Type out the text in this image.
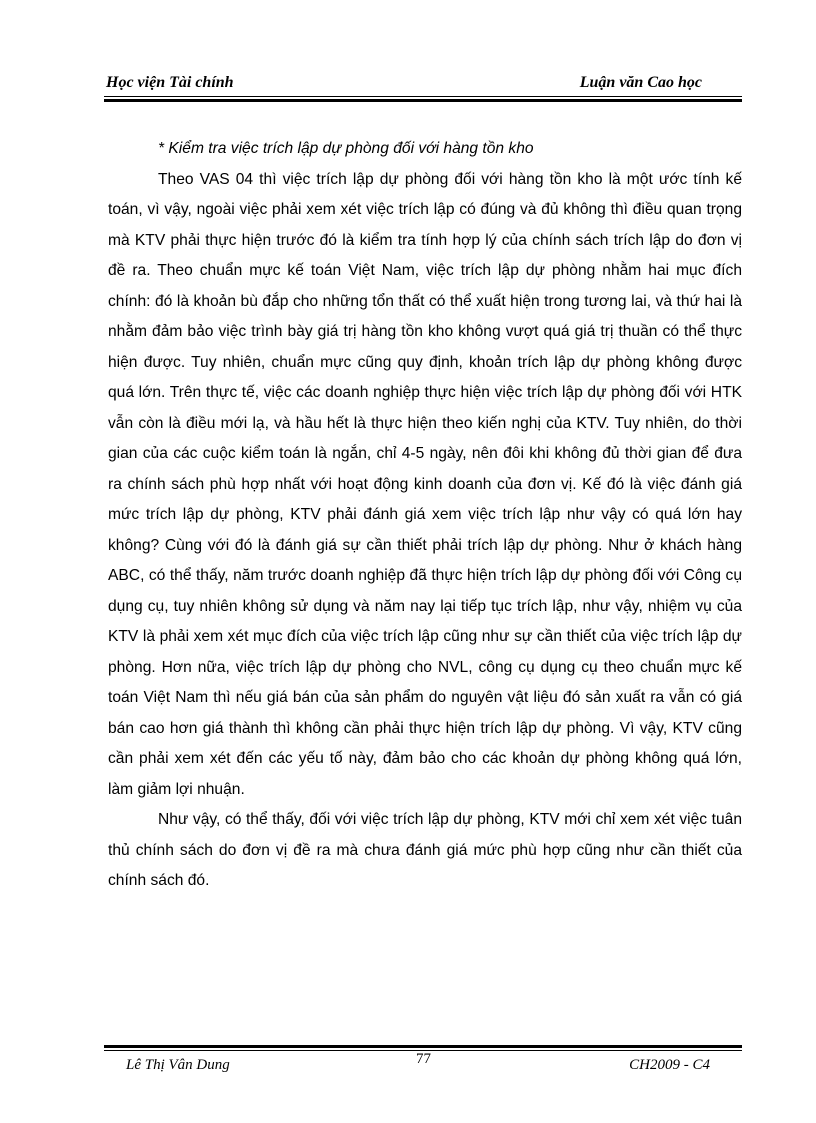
Học viện Tài chính	Luận văn Cao học

* Kiểm tra việc trích lập dự phòng đối với hàng tồn kho

Theo VAS 04 thì việc trích lập dự phòng đối với hàng tồn kho là một ước tính kế toán, vì vậy, ngoài việc phải xem xét việc trích lập có đúng và đủ không thì điều quan trọng mà KTV phải thực hiện trước đó là kiểm tra tính hợp lý của chính sách trích lập do đơn vị đề ra. Theo chuẩn mực kế toán Việt Nam, việc trích lập dự phòng nhằm hai mục đích chính: đó là khoản bù đắp cho những tổn thất có thể xuất hiện trong tương lai, và thứ hai là nhằm đảm bảo việc trình bày giá trị hàng tồn kho không vượt quá giá trị thuần có thể thực hiện được. Tuy nhiên, chuẩn mực cũng quy định, khoản trích lập dự phòng không được quá lớn. Trên thực tế, việc các doanh nghiệp thực hiện việc trích lập dự phòng đối với HTK vẫn còn là điều mới lạ, và hầu hết là thực hiện theo kiến nghị của KTV. Tuy nhiên, do thời gian của các cuộc kiểm toán là ngắn, chỉ 4-5 ngày, nên đôi khi không đủ thời gian để đưa ra chính sách phù hợp nhất với hoạt động kinh doanh của đơn vị. Kế đó là việc đánh giá mức trích lập dự phòng, KTV phải đánh giá xem việc trích lập như vậy có quá lớn hay không? Cùng với đó là đánh giá sự cần thiết phải trích lập dự phòng. Như ở khách hàng ABC, có thể thấy, năm trước doanh nghiệp đã thực hiện trích lập dự phòng đối với Công cụ dụng cụ, tuy nhiên không sử dụng và năm nay lại tiếp tục trích lập, như vậy, nhiệm vụ của KTV là phải xem xét mục đích của việc trích lập cũng như sự cần thiết của việc trích lập dự phòng. Hơn nữa, việc trích lập dự phòng cho NVL, công cụ dụng cụ theo chuẩn mực kế toán Việt Nam thì nếu giá bán của sản phẩm do nguyên vật liệu đó sản xuất ra vẫn có giá bán cao hơn giá thành thì không cần phải thực hiện trích lập dự phòng. Vì vậy, KTV cũng cần phải xem xét đến các yếu tố này, đảm bảo cho các khoản dự phòng không quá lớn, làm giảm lợi nhuận.

Như vậy, có thể thấy, đối với việc trích lập dự phòng, KTV mới chỉ xem xét việc tuân thủ chính sách do đơn vị đề ra mà chưa đánh giá mức phù hợp cũng như cần thiết của chính sách đó.

Lê Thị Vân Dung	77	CH2009 - C4
